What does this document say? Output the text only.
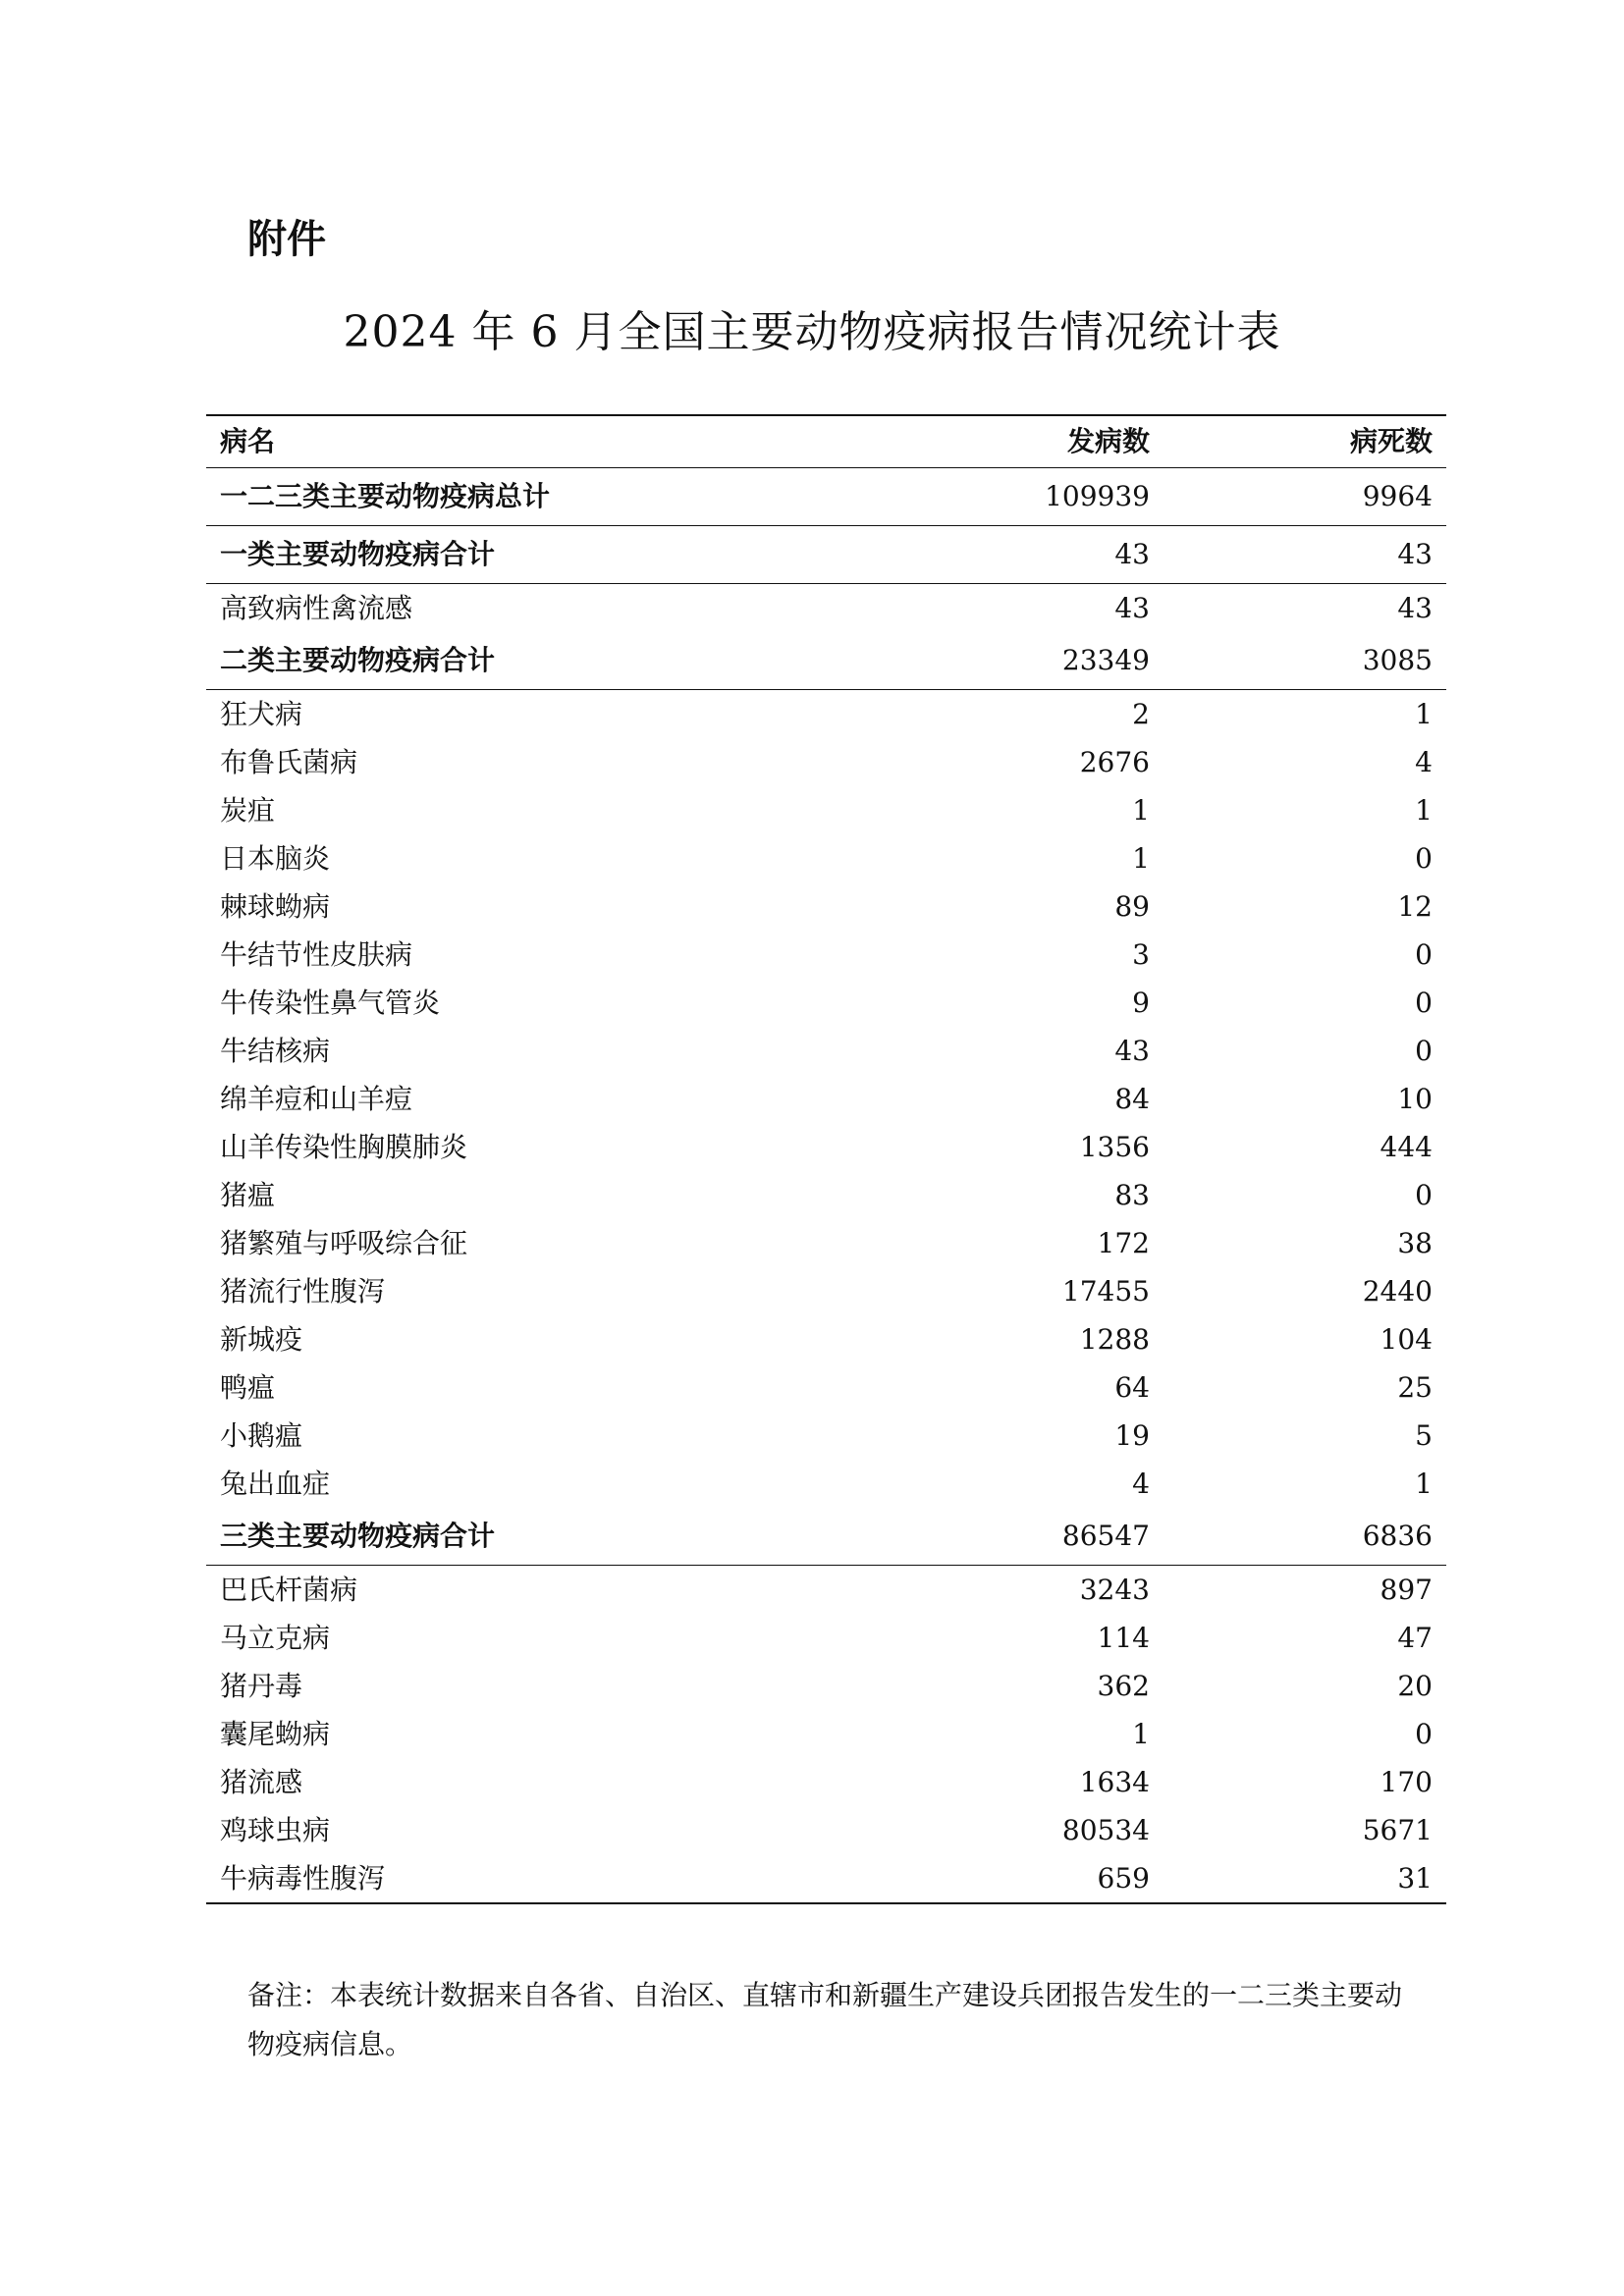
附件
2024 年 6 月全国主要动物疫病报告情况统计表
病名	发病数	病死数
一二三类主要动物疫病总计	109939	9964
一类主要动物疫病合计	43	43
高致病性禽流感	43	43
二类主要动物疫病合计	23349	3085
狂犬病	2	1
布鲁氏菌病	2676	4
炭疽	1	1
日本脑炎	1	0
棘球蚴病	89	12
牛结节性皮肤病	3	0
牛传染性鼻气管炎	9	0
牛结核病	43	0
绵羊痘和山羊痘	84	10
山羊传染性胸膜肺炎	1356	444
猪瘟	83	0
猪繁殖与呼吸综合征	172	38
猪流行性腹泻	17455	2440
新城疫	1288	104
鸭瘟	64	25
小鹅瘟	19	5
兔出血症	4	1
三类主要动物疫病合计	86547	6836
巴氏杆菌病	3243	897
马立克病	114	47
猪丹毒	362	20
囊尾蚴病	1	0
猪流感	1634	170
鸡球虫病	80534	5671
牛病毒性腹泻	659	31
备注：本表统计数据来自各省、自治区、直辖市和新疆生产建设兵团报告发生的一二三类主要动物疫病信息。
